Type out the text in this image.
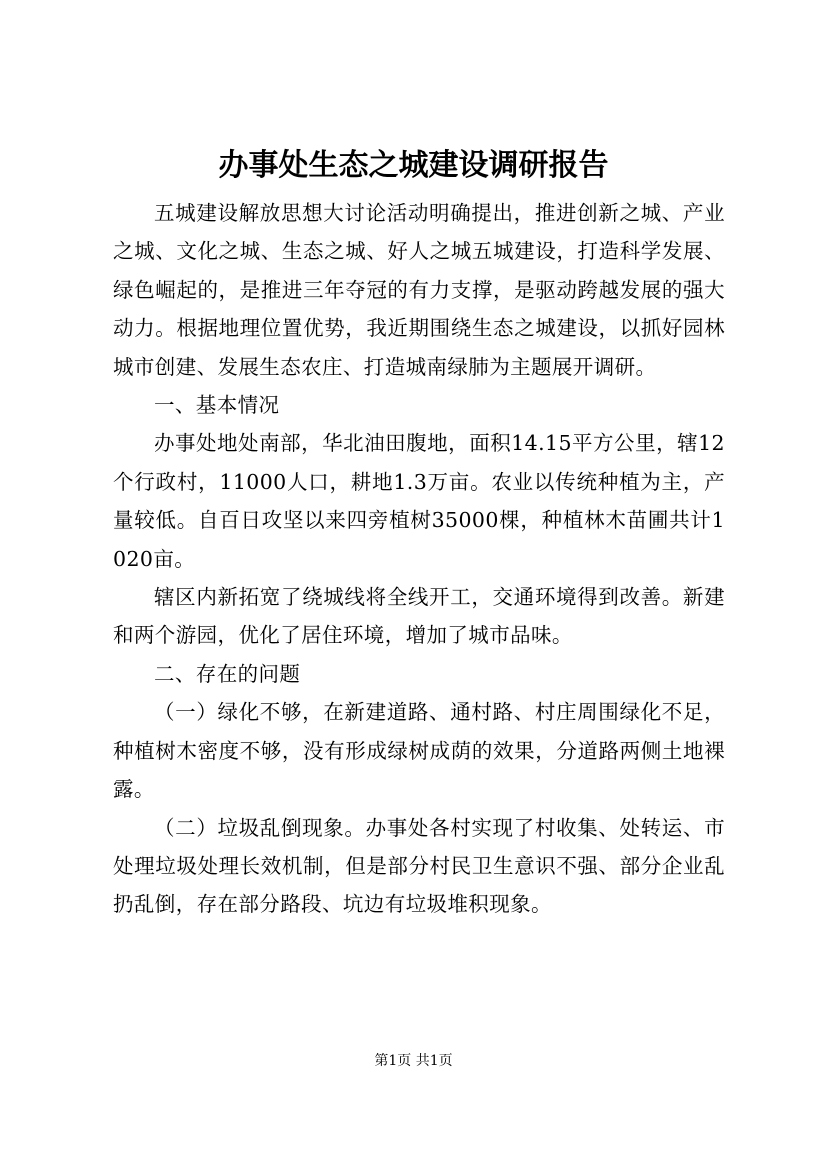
办事处生态之城建设调研报告

五城建设解放思想大讨论活动明确提出，推进创新之城、产业之城、文化之城、生态之城、好人之城五城建设，打造科学发展、绿色崛起的，是推进三年夺冠的有力支撑，是驱动跨越发展的强大动力。根据地理位置优势，我近期围绕生态之城建设，以抓好园林城市创建、发展生态农庄、打造城南绿肺为主题展开调研。

一、基本情况

办事处地处南部，华北油田腹地，面积14.15平方公里，辖12个行政村，11000人口，耕地1.3万亩。农业以传统种植为主，产量较低。自百日攻坚以来四旁植树35000棵，种植林木苗圃共计1020亩。

辖区内新拓宽了绕城线将全线开工，交通环境得到改善。新建和两个游园，优化了居住环境，增加了城市品味。

二、存在的问题

（一）绿化不够，在新建道路、通村路、村庄周围绿化不足，种植树木密度不够，没有形成绿树成荫的效果，分道路两侧土地裸露。

（二）垃圾乱倒现象。办事处各村实现了村收集、处转运、市处理垃圾处理长效机制，但是部分村民卫生意识不强、部分企业乱扔乱倒，存在部分路段、坑边有垃圾堆积现象。

第1页 共1页
